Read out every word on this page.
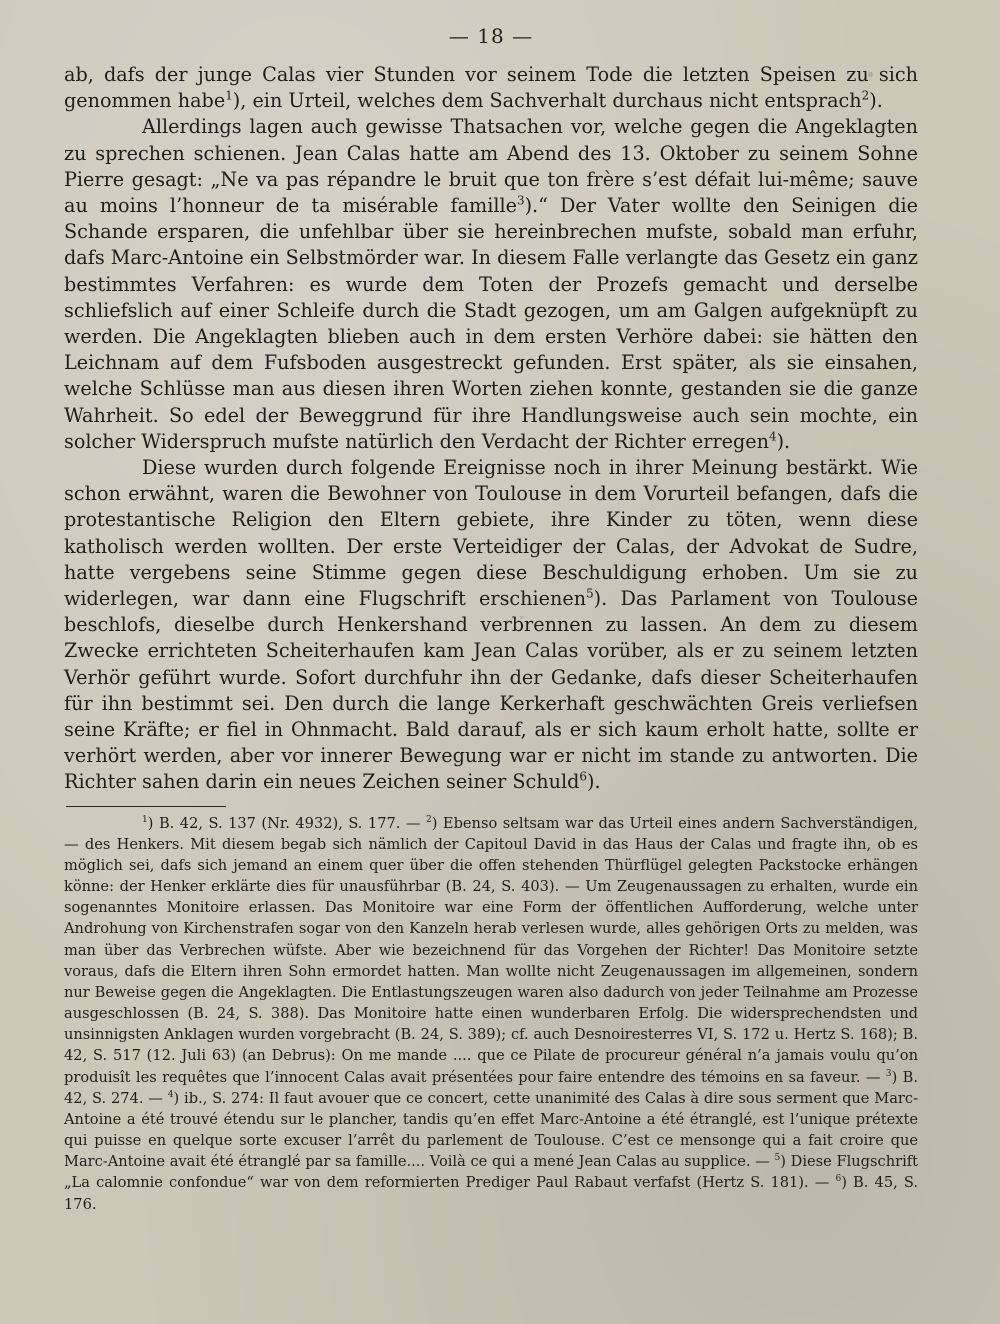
— 18 —

ab, dafs der junge Calas vier Stunden vor seinem Tode die letzten Speisen zu sich genommen habe$^1$), ein Urteil, welches dem Sachverhalt durchaus nicht entsprach$^2$).

Allerdings lagen auch gewisse Thatsachen vor, welche gegen die Angeklagten zu sprechen schienen. Jean Calas hatte am Abend des 13. Oktober zu seinem Sohne Pierre gesagt: „Ne va pas répandre le bruit que ton frère s’est défait lui-même; sauve au moins l’honneur de ta misérable famille$^3$).“ Der Vater wollte den Seinigen die Schande ersparen, die unfehlbar über sie hereinbrechen mufste, sobald man erfuhr, dafs Marc-Antoine ein Selbstmörder war. In diesem Falle verlangte das Gesetz ein ganz bestimmtes Verfahren: es wurde dem Toten der Prozefs gemacht und derselbe schliefslich auf einer Schleife durch die Stadt gezogen, um am Galgen aufgeknüpft zu werden. Die Angeklagten blieben auch in dem ersten Verhöre dabei: sie hätten den Leichnam auf dem Fufsboden ausgestreckt gefunden. Erst später, als sie einsahen, welche Schlüsse man aus diesen ihren Worten ziehen konnte, gestanden sie die ganze Wahrheit. So edel der Beweggrund für ihre Handlungsweise auch sein mochte, ein solcher Widerspruch mufste natürlich den Verdacht der Richter erregen$^4$).

Diese wurden durch folgende Ereignisse noch in ihrer Meinung bestärkt. Wie schon erwähnt, waren die Bewohner von Toulouse in dem Vorurteil befangen, dafs die protestantische Religion den Eltern gebiete, ihre Kinder zu töten, wenn diese katholisch werden wollten. Der erste Verteidiger der Calas, der Advokat de Sudre, hatte vergebens seine Stimme gegen diese Beschuldigung erhoben. Um sie zu widerlegen, war dann eine Flugschrift erschienen$^5$). Das Parlament von Toulouse beschlofs, dieselbe durch Henkershand verbrennen zu lassen. An dem zu diesem Zwecke errichteten Scheiterhaufen kam Jean Calas vorüber, als er zu seinem letzten Verhör geführt wurde. Sofort durchfuhr ihn der Gedanke, dafs dieser Scheiterhaufen für ihn bestimmt sei. Den durch die lange Kerkerhaft geschwächten Greis verliefsen seine Kräfte; er fiel in Ohnmacht. Bald darauf, als er sich kaum erholt hatte, sollte er verhört werden, aber vor innerer Bewegung war er nicht im stande zu antworten. Die Richter sahen darin ein neues Zeichen seiner Schuld$^6$).

$^1$) B. 42, S. 137 (Nr. 4932), S. 177. — $^2$) Ebenso seltsam war das Urteil eines andern Sachverständigen, — des Henkers. Mit diesem begab sich nämlich der Capitoul David in das Haus der Calas und fragte ihn, ob es möglich sei, dafs sich jemand an einem quer über die offen stehenden Thürflügel gelegten Packstocke erhängen könne: der Henker erklärte dies für unausführbar (B. 24, S. 403). — Um Zeugenaussagen zu erhalten, wurde ein sogenanntes Monitoire erlassen. Das Monitoire war eine Form der öffentlichen Aufforderung, welche unter Androhung von Kirchenstrafen sogar von den Kanzeln herab verlesen wurde, alles gehörigen Orts zu melden, was man über das Verbrechen wüfste. Aber wie bezeichnend für das Vorgehen der Richter! Das Monitoire setzte voraus, dafs die Eltern ihren Sohn ermordet hatten. Man wollte nicht Zeugenaussagen im allgemeinen, sondern nur Beweise gegen die Angeklagten. Die Entlastungszeugen waren also dadurch von jeder Teilnahme am Prozesse ausgeschlossen (B. 24, S. 388). Das Monitoire hatte einen wunderbaren Erfolg. Die widersprechendsten und unsinnigsten Anklagen wurden vorgebracht (B. 24, S. 389); cf. auch Desnoiresterres VI, S. 172 u. Hertz S. 168); B. 42, S. 517 (12. Juli 63) (an Debrus): On me mande .... que ce Pilate de procureur général n’a jamais voulu qu’on produisît les requêtes que l’innocent Calas avait présentées pour faire entendre des témoins en sa faveur. — $^3$) B. 42, S. 274. — $^4$) ib., S. 274: Il faut avouer que ce concert, cette unanimité des Calas à dire sous serment que Marc-Antoine a été trouvé étendu sur le plancher, tandis qu’en effet Marc-Antoine a été étranglé, est l’unique prétexte qui puisse en quelque sorte excuser l’arrêt du parlement de Toulouse. C’est ce mensonge qui a fait croire que Marc-Antoine avait été étranglé par sa famille.... Voilà ce qui a mené Jean Calas au supplice. — $^5$) Diese Flugschrift „La calomnie confondue“ war von dem reformierten Prediger Paul Rabaut verfafst (Hertz S. 181). — $^6$) B. 45, S. 176.
